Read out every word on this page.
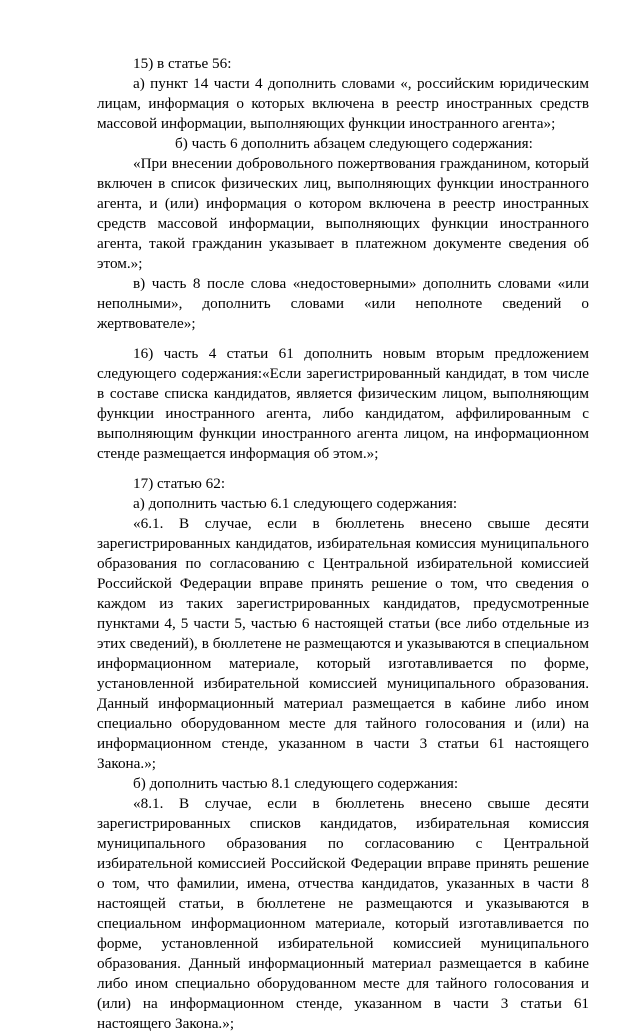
15) в статье 56:

а) пункт 14 части 4 дополнить словами «, российским юридическим лицам, информация о которых включена в реестр иностранных средств массовой информации, выполняющих функции иностранного агента»;

б) часть 6 дополнить абзацем следующего содержания:

«При внесении добровольного пожертвования гражданином, который включен в список физических лиц, выполняющих функции иностранного агента, и (или) информация о котором включена в реестр иностранных средств массовой информации, выполняющих функции иностранного агента, такой гражданин указывает в платежном документе сведения об этом.»;

в) часть 8 после слова «недостоверными» дополнить словами «или неполными», дополнить словами «или неполноте сведений о жертвователе»;

16) часть 4 статьи 61 дополнить новым вторым предложением следующего содержания:«Если зарегистрированный кандидат, в том числе в составе списка кандидатов, является физическим лицом, выполняющим функции иностранного агента, либо кандидатом, аффилированным с выполняющим функции иностранного агента лицом, на информационном стенде размещается информация об этом.»;

17) статью 62:

а) дополнить частью 6.1 следующего содержания:

«6.1. В случае, если в бюллетень внесено свыше десяти зарегистрированных кандидатов, избирательная комиссия муниципального образования по согласованию с Центральной избирательной комиссией Российской Федерации вправе принять решение о том, что сведения о каждом из таких зарегистрированных кандидатов, предусмотренные пунктами 4, 5 части 5, частью 6 настоящей статьи (все либо отдельные из этих сведений), в бюллетене не размещаются и указываются в специальном информационном материале, который изготавливается по форме, установленной избирательной комиссией муниципального образования. Данный информационный материал размещается в кабине либо ином специально оборудованном месте для тайного голосования и (или) на информационном стенде, указанном в части 3 статьи 61 настоящего Закона.»;

б) дополнить частью 8.1 следующего содержания:

«8.1. В случае, если в бюллетень внесено свыше десяти зарегистрированных списков кандидатов, избирательная комиссия муниципального образования по согласованию с Центральной избирательной комиссией Российской Федерации вправе принять решение о том, что фамилии, имена, отчества кандидатов, указанных в части 8 настоящей статьи, в бюллетене не размещаются и указываются в специальном информационном материале, который изготавливается по форме, установленной избирательной комиссией муниципального образования. Данный информационный материал размещается в кабине либо ином специально оборудованном месте для тайного голосования и (или) на информационном стенде, указанном в части 3 статьи 61 настоящего Закона.»;
